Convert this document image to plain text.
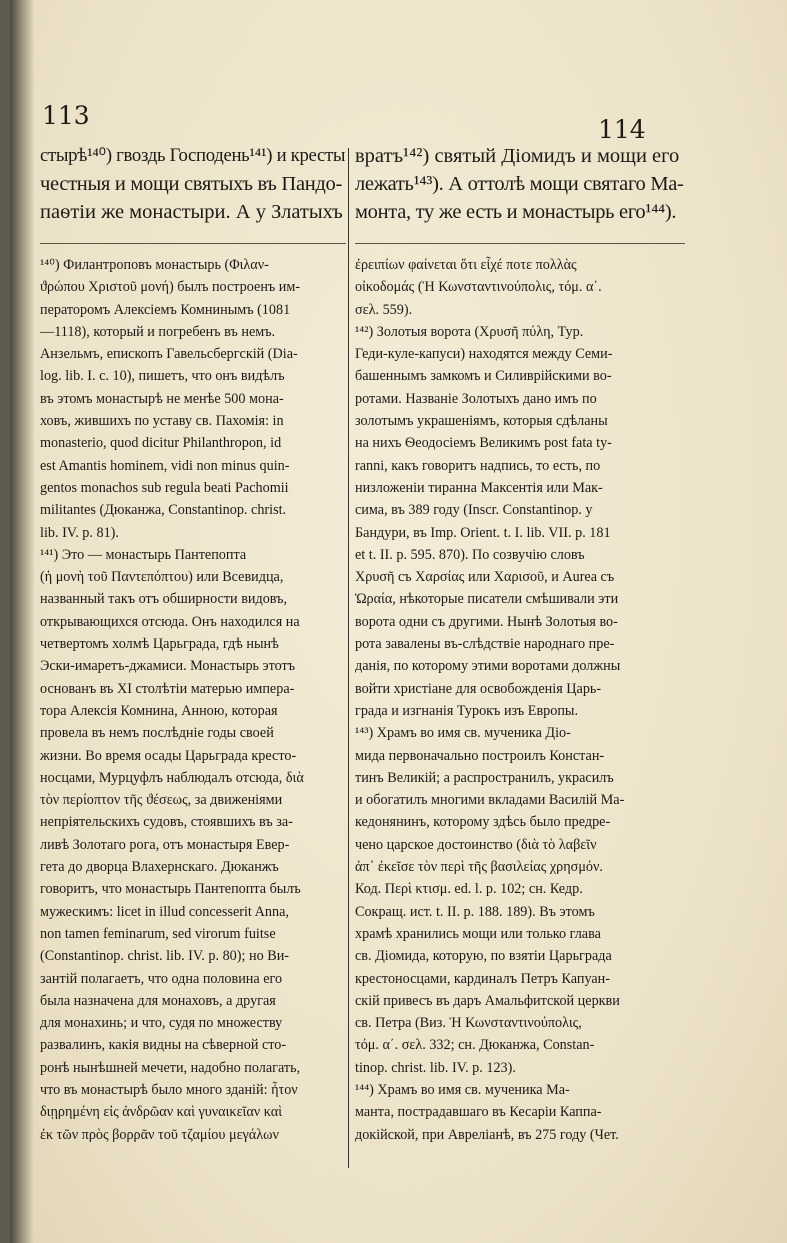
113	114

стырѣ¹⁴⁰) гвоздь Господень¹⁴¹) и кресты
честныя и мощи святыхъ въ Пандо-
паѳтіи же монастыри. А у Златыхъ

¹⁴⁰) Филантроповъ монастырь (Φιλαν-
ϑρώπου Χριστοῦ μονή) былъ построенъ им-
ператоромъ Алексіемъ Комнинымъ (1081
—1118), который и погребенъ въ немъ.
Анзельмъ, епископъ Гавельсбергскій (Dia-
log. lib. I. c. 10), пишетъ, что онъ видѣлъ
въ этомъ монастырѣ не менѣе 500 мона-
ховъ, жившихъ по уставу св. Пахомія: in
monasterio, quod dicitur Philanthropon, id
est Amantis hominem, vidi non minus quin-
gentos monachos sub regula beati Pachomii
militantes (Дюканжа, Constantinop. christ.
lib. IV. p. 81).
¹⁴¹) Это — монастырь Пантепопта
(ἡ μονὴ τοῦ Παντεπόπτου) или Всевидца,
названный такъ отъ обширности видовъ,
открывающихся отсюда. Онъ находился на
четвертомъ холмѣ Царьграда, гдѣ нынѣ
Эски-имаретъ-джамиси. Монастырь этотъ
основанъ въ XI столѣтіи матерью импера-
тора Алексія Комнина, Анною, которая
провела въ немъ послѣдніе годы своей
жизни. Во время осады Царьграда кресто-
носцами, Мурцуфлъ наблюдалъ отсюда, διὰ
τὸν περίοπτον τῆς ϑέσεως, за движеніями
непріятельскихъ судовъ, стоявшихъ въ за-
ливѣ Золотаго рога, отъ монастыря Евер-
гета до дворца Влахернскаго. Дюканжъ
говоритъ, что монастырь Пантепопта былъ
мужескимъ: licet in illud concesserit Anna,
non tamen feminarum, sed virorum fuitse
(Constantinop. christ. lib. IV. p. 80); но Ви-
зантій полагаетъ, что одна половина его
была назначена для монаховъ, а другая
для монахинь; и что, судя по множеству
развалинъ, какія видны на сѣверной сто-
ронѣ нынѣшней мечети, надобно полагать,
что въ монастырѣ было много зданій: ἦτον
διῃρημένη εἰς ἀνδρῶαν καὶ γυναικεῖαν καὶ
ἐκ τῶν πρὸς βορρᾶν τοῦ τζαμίου μεγάλων

вратъ¹⁴²) святый Діомидъ и мощи его
лежать¹⁴³). А оттолѣ мощи святаго Ма-
монта, ту же есть и монастырь его¹⁴⁴).

ἐρειπίων φαίνεται ὅτι εἶχέ ποτε πολλὰς
οἰκοδομάς (Ἡ Κωνσταντινούπολις, τόμ. α΄.
σελ. 559).
¹⁴²) Золотыя ворота (Χρυσῆ πύλη, Тур.
Геди-куле-капуси) находятся между Семи-
башеннымъ замкомъ и Силиврійскими во-
ротами. Названіе Золотыхъ дано имъ по
золотымъ украшеніямъ, которыя сдѣланы
на нихъ Ѳеодосіемъ Великимъ post fata ty-
ranni, какъ говоритъ надпись, то есть, по
низложеніи тиранна Максентія или Мак-
сима, въ 389 году (Inscr. Constantinop. у
Бандури, въ Imp. Orient. t. I. lib. VII. p. 181
et t. II. p. 595. 870). По созвучію словъ
Χρυσῆ съ Χαρσίας или Χαρισοῦ, и Aurea съ
Ὡραία, нѣкоторые писатели смѣшивали эти
ворота одни съ другими. Нынѣ Золотыя во-
рота завалены въ-слѣдствіе народнаго пре-
данія, по которому этими воротами должны
войти христіане для освобожденія Царь-
града и изгнанія Турокъ изъ Европы.
¹⁴³) Храмъ во имя св. мученика Діо-
мида первоначально построилъ Констан-
тинъ Великій; а распространилъ, украсилъ
и обогатилъ многими вкладами Василій Ма-
кедонянинъ, которому здѣсь было предре-
чено царское достоинство (διὰ τὸ λαβεῖν
ἀπ᾽ ἐκεῖσε τὸν περὶ τῆς βασιλείας χρησμόν.
Код. Περὶ κτισμ. ed. l. p. 102; сн. Кедр.
Сокращ. ист. t. II. p. 188. 189). Въ этомъ
храмѣ хранились мощи или только глава
св. Діомида, которую, по взятіи Царьграда
крестоносцами, кардиналъ Петръ Капуан-
скій привесъ въ даръ Амальфитской церкви
св. Петра (Виз. Ἡ Κωνσταντινούπολις,
τόμ. α΄. σελ. 332; сн. Дюканжа, Constan-
tinop. christ. lib. IV. p. 123).
¹⁴⁴) Храмъ во имя св. мученика Ма-
манта, пострадавшаго въ Кесаріи Каппа-
докійской, при Авреліанѣ, въ 275 году (Чет.
